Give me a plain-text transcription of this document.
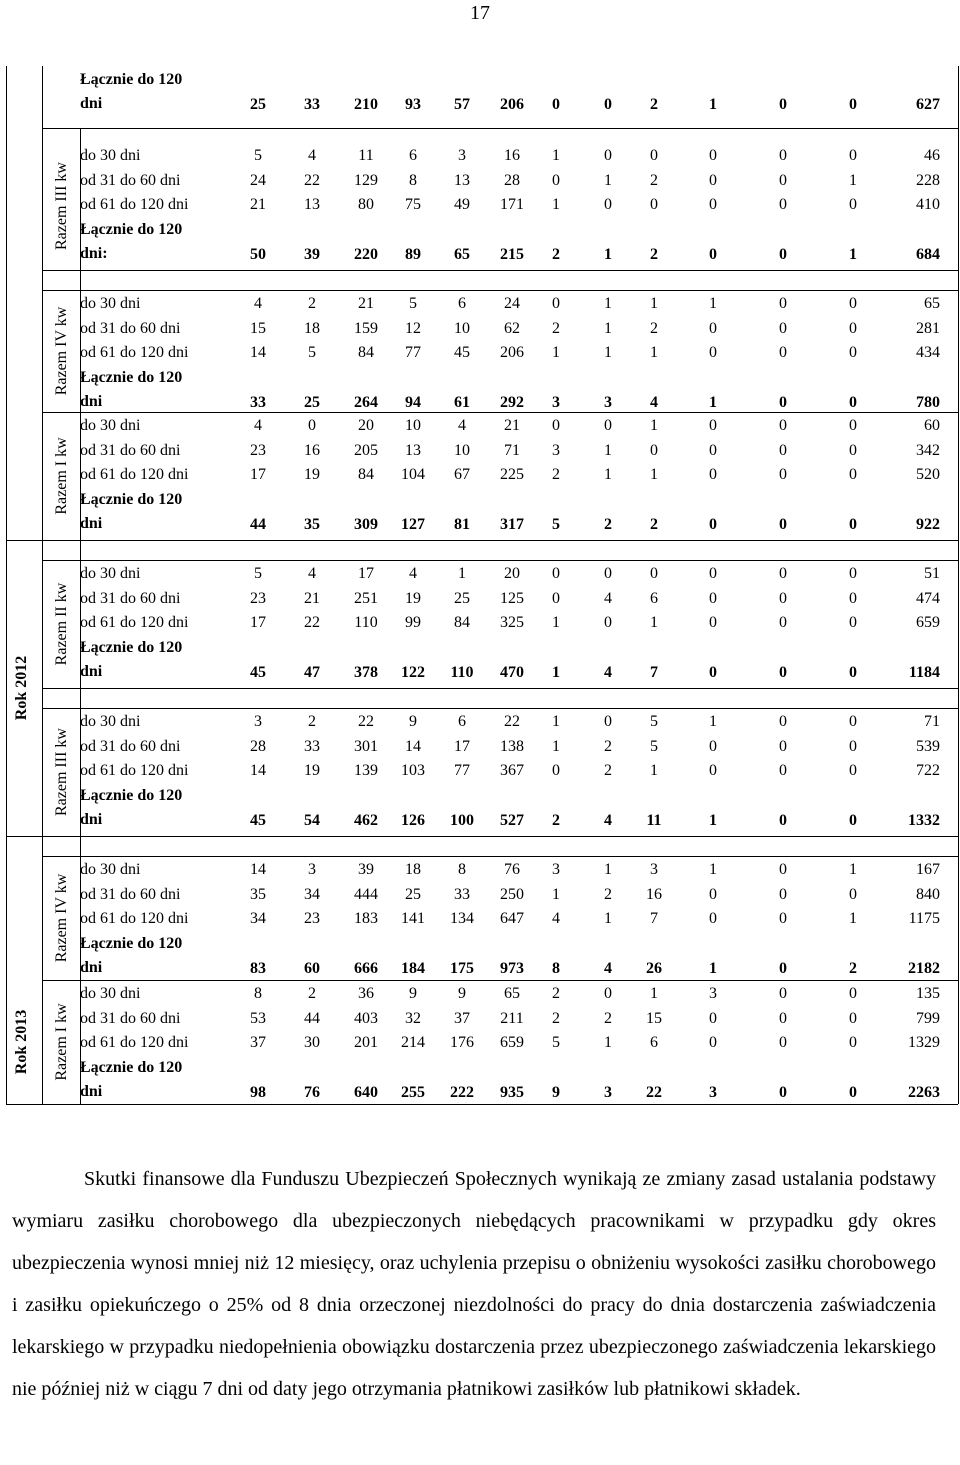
17
Rok 2012
Rok 2013
Łącznie do 120
dni	25	33	210	93	57	206	0	0	2	1	0	0	627
Razem III kw
do 30 dni	5	4	11	6	3	16	1	0	0	0	0	0	46
od 31 do 60 dni	24	22	129	8	13	28	0	1	2	0	0	1	228
od 61 do 120 dni	21	13	80	75	49	171	1	0	0	0	0	0	410
Łącznie do 120
dni:	50	39	220	89	65	215	2	1	2	0	0	1	684
Razem IV kw
do 30 dni	4	2	21	5	6	24	0	1	1	1	0	0	65
od 31 do 60 dni	15	18	159	12	10	62	2	1	2	0	0	0	281
od 61 do 120 dni	14	5	84	77	45	206	1	1	1	0	0	0	434
Łącznie do 120
dni	33	25	264	94	61	292	3	3	4	1	0	0	780
Razem I kw
do 30 dni	4	0	20	10	4	21	0	0	1	0	0	0	60
od 31 do 60 dni	23	16	205	13	10	71	3	1	0	0	0	0	342
od 61 do 120 dni	17	19	84	104	67	225	2	1	1	0	0	0	520
Łącznie do 120
dni	44	35	309	127	81	317	5	2	2	0	0	0	922
Razem II kw
do 30 dni	5	4	17	4	1	20	0	0	0	0	0	0	51
od 31 do 60 dni	23	21	251	19	25	125	0	4	6	0	0	0	474
od 61 do 120 dni	17	22	110	99	84	325	1	0	1	0	0	0	659
Łącznie do 120
dni	45	47	378	122	110	470	1	4	7	0	0	0	1184
Razem III kw
do 30 dni	3	2	22	9	6	22	1	0	5	1	0	0	71
od 31 do 60 dni	28	33	301	14	17	138	1	2	5	0	0	0	539
od 61 do 120 dni	14	19	139	103	77	367	0	2	1	0	0	0	722
Łącznie do 120
dni	45	54	462	126	100	527	2	4	11	1	0	0	1332
Razem IV kw
do 30 dni	14	3	39	18	8	76	3	1	3	1	0	1	167
od 31 do 60 dni	35	34	444	25	33	250	1	2	16	0	0	0	840
od 61 do 120 dni	34	23	183	141	134	647	4	1	7	0	0	1	1175
Łącznie do 120
dni	83	60	666	184	175	973	8	4	26	1	0	2	2182
Razem I kw
do 30 dni	8	2	36	9	9	65	2	0	1	3	0	0	135
od 31 do 60 dni	53	44	403	32	37	211	2	2	15	0	0	0	799
od 61 do 120 dni	37	30	201	214	176	659	5	1	6	0	0	0	1329
Łącznie do 120
dni	98	76	640	255	222	935	9	3	22	3	0	0	2263

Skutki finansowe dla Funduszu Ubezpieczeń Społecznych wynikają ze zmiany zasad ustalania podstawy wymiaru zasiłku chorobowego dla ubezpieczonych niebędących pracownikami w przypadku gdy okres ubezpieczenia wynosi mniej niż 12 miesięcy, oraz uchylenia przepisu o obniżeniu wysokości zasiłku chorobowego i zasiłku opiekuńczego o 25% od 8 dnia orzeczonej niezdolności do pracy do dnia dostarczenia zaświadczenia lekarskiego w przypadku niedopełnienia obowiązku dostarczenia przez ubezpieczonego zaświadczenia lekarskiego nie później niż w ciągu 7 dni od daty jego otrzymania płatnikowi zasiłków lub płatnikowi składek.
